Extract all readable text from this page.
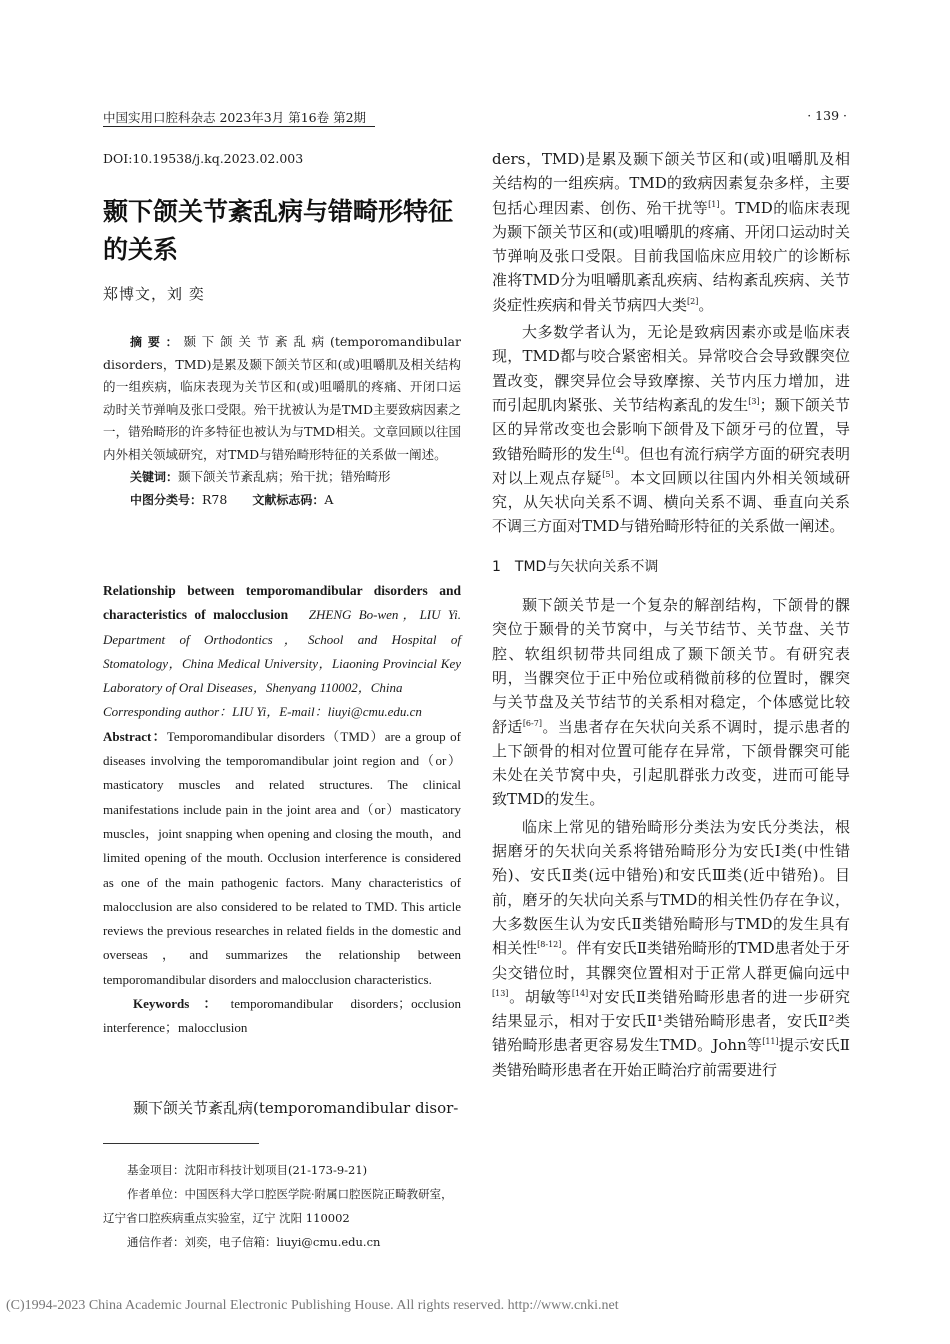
中国实用口腔科杂志 2023年3月 第16卷 第2期	· 139 ·
DOI:10.19538/j.kq.2023.02.003
颞下颌关节紊乱病与错畸形特征的关系
郑博文，刘 奕

摘要：颞下颌关节紊乱病(temporomandibular disorders，TMD)是累及颞下颌关节区和(或)咀嚼肌及相关结构的一组疾病，临床表现为关节区和(或)咀嚼肌的疼痛、开闭口运动时关节弹响及张口受限。殆干扰被认为是TMD主要致病因素之一，错殆畸形的许多特征也被认为与TMD相关。文章回顾以往国内外相关领域研究，对TMD与错殆畸形特征的关系做一阐述。

关键词：颞下颌关节紊乱病；殆干扰；错殆畸形

中图分类号：R78　　 文献标志码：A

Relationship between temporomandibular disorders and characteristics of malocclusion　 ZHENG Bo-wen，LIU Yi. Department of Orthodontics，School and Hospital of Stomatology，China Medical University，Liaoning Provincial Key Laboratory of Oral Diseases，Shenyang 110002，China

Corresponding author：LIU Yi，E-mail：liuyi@cmu.edu.cn

Abstract：Temporomandibular disorders（TMD）are a group of diseases involving the temporomandibular joint region and（or）masticatory muscles and related structures. The clinical manifestations include pain in the joint area and（or）masticatory muscles，joint snapping when opening and closing the mouth，and limited opening of the mouth. Occlusion interference is considered as one of the main pathogenic factors. Many characteristics of malocclusion are also considered to be related to TMD. This article reviews the previous researches in related fields in the domestic and overseas，and summarizes the relationship between temporomandibular disorders and malocclusion characteristics.

Keywords：temporomandibular disorders；occlusion interference；malocclusion

颞下颌关节紊乱病(temporomandibular disor-

基金项目：沈阳市科技计划项目(21-173-9-21)

作者单位：中国医科大学口腔医学院·附属口腔医院正畸教研室，辽宁省口腔疾病重点实验室，辽宁 沈阳 110002

通信作者：刘奕，电子信箱：liuyi@cmu.edu.cn

ders，TMD)是累及颞下颌关节区和(或)咀嚼肌及相关结构的一组疾病。TMD的致病因素复杂多样，主要包括心理因素、创伤、殆干扰等[1]。TMD的临床表现为颞下颌关节区和(或)咀嚼肌的疼痛、开闭口运动时关节弹响及张口受限。目前我国临床应用较广的诊断标准将TMD分为咀嚼肌紊乱疾病、结构紊乱疾病、关节炎症性疾病和骨关节病四大类[2]。

大多数学者认为，无论是致病因素亦或是临床表现，TMD都与咬合紧密相关。异常咬合会导致髁突位置改变，髁突异位会导致摩擦、关节内压力增加，进而引起肌肉紧张、关节结构紊乱的发生[3]；颞下颌关节区的异常改变也会影响下颌骨及下颌牙弓的位置，导致错殆畸形的发生[4]。但也有流行病学方面的研究表明对以上观点存疑[5]。本文回顾以往国内外相关领域研究，从矢状向关系不调、横向关系不调、垂直向关系不调三方面对TMD与错殆畸形特征的关系做一阐述。

1　TMD与矢状向关系不调

颞下颌关节是一个复杂的解剖结构，下颌骨的髁突位于颞骨的关节窝中，与关节结节、关节盘、关节腔、软组织韧带共同组成了颞下颌关节。有研究表明，当髁突位于正中殆位或稍微前移的位置时，髁突与关节盘及关节结节的关系相对稳定，个体感觉比较舒适[6-7]。当患者存在矢状向关系不调时，提示患者的上下颌骨的相对位置可能存在异常，下颌骨髁突可能未处在关节窝中央，引起肌群张力改变，进而可能导致TMD的发生。

临床上常见的错殆畸形分类法为安氏分类法，根据磨牙的矢状向关系将错殆畸形分为安氏Ⅰ类(中性错殆)、安氏Ⅱ类(远中错殆)和安氏Ⅲ类(近中错殆)。目前，磨牙的矢状向关系与TMD的相关性仍存在争议，大多数医生认为安氏Ⅱ类错殆畸形与TMD的发生具有相关性[8-12]。伴有安氏Ⅱ类错殆畸形的TMD患者处于牙尖交错位时，其髁突位置相对于正常人群更偏向远中[13]。胡敏等[14]对安氏Ⅱ类错殆畸形患者的进一步研究结果显示，相对于安氏Ⅱ¹类错殆畸形患者，安氏Ⅱ²类错殆畸形患者更容易发生TMD。John等[11]提示安氏Ⅱ类错殆畸形患者在开始正畸治疗前需要进行

(C)1994-2023 China Academic Journal Electronic Publishing House. All rights reserved. http://www.cnki.net
